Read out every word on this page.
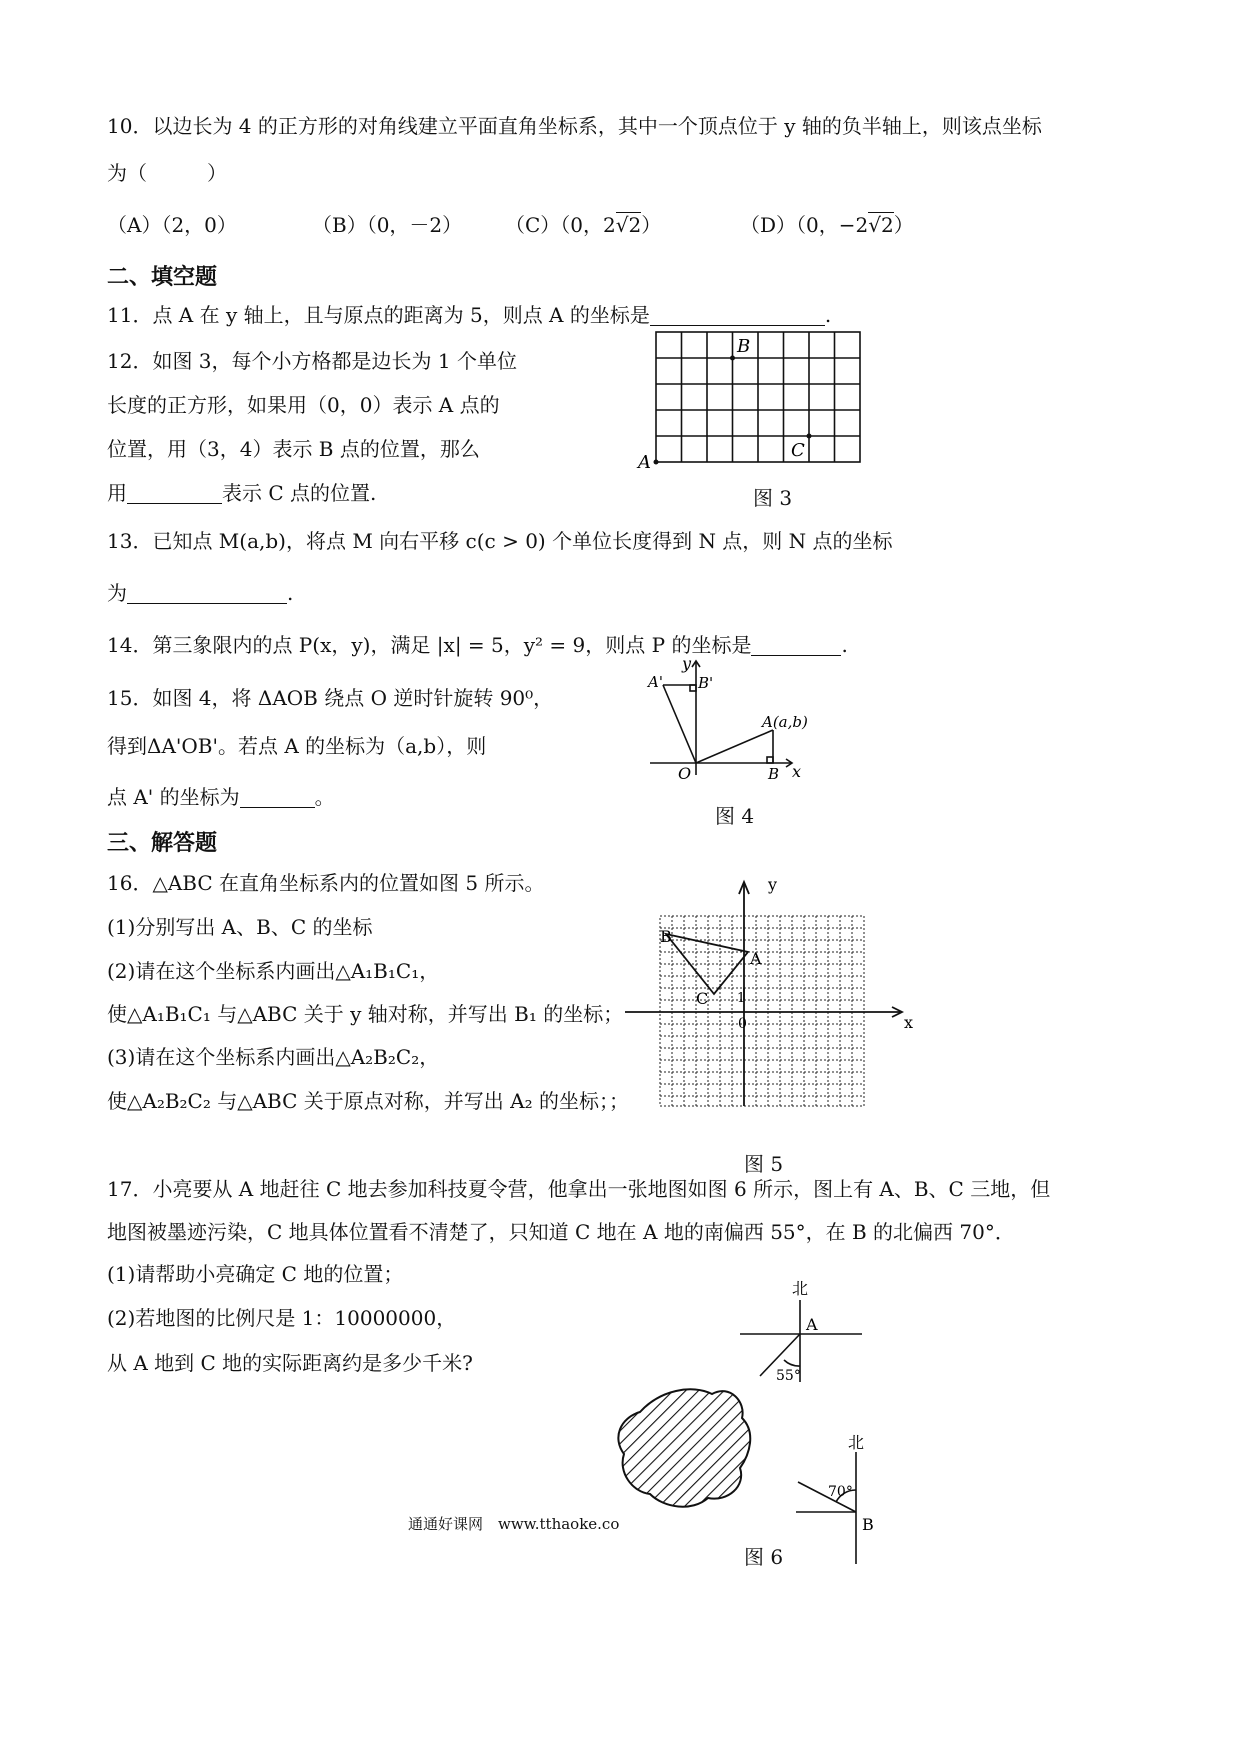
10．以边长为 4 的正方形的对角线建立平面直角坐标系，其中一个顶点位于 y 轴的负半轴上，则该点坐标
为（　　　）
（A）（2，0）	（B）（0，－2） （C）（0，2√2）	（D）（0，−2√2）
二、填空题
11．点 A 在 y 轴上，且与原点的距离为 5，则点 A 的坐标是	.
12．如图 3，每个小方格都是边长为 1 个单位
长度的正方形，如果用（0，0）表示 A 点的
位置，用（3，4）表示 B 点的位置，那么
用	表示 C 点的位置.
A
B
C
图 3
13．已知点 M(a,b)，将点 M 向右平移 c(c > 0) 个单位长度得到 N 点，则 N 点的坐标
为	.
14．第三象限内的点 P(x，y)，满足 |x| = 5，y² = 9，则点 P 的坐标是	.
15．如图 4，将 ΔAOB 绕点 O 逆时针旋转 90⁰，
得到ΔA'OB'。若点 A 的坐标为（a,b），则
点 A' 的坐标为	。
y
x
O	B
A(a,b)
A' B'
图 4
三、解答题
16．△ABC 在直角坐标系内的位置如图 5 所示。
(1)分别写出 A、B、C 的坐标
(2)请在这个坐标系内画出△A₁B₁C₁，
使△A₁B₁C₁ 与△ABC 关于 y 轴对称，并写出 B₁ 的坐标；
(3)请在这个坐标系内画出△A₂B₂C₂，
使△A₂B₂C₂ 与△ABC 关于原点对称，并写出 A₂ 的坐标；；
y
x
0
1
B
A
C
图 5
17．小亮要从 A 地赶往 C 地去参加科技夏令营，他拿出一张地图如图 6 所示，图上有 A、B、C 三地，但
地图被墨迹污染，C 地具体位置看不清楚了，只知道 C 地在 A 地的南偏西 55°，在 B 的北偏西 70°．
(1)请帮助小亮确定 C 地的位置；
(2)若地图的比例尺是 1：10000000，
从 A 地到 C 地的实际距离约是多少千米?
北
A
55°
北
B
70°
图 6
通通好课网　www.tthaoke.co
